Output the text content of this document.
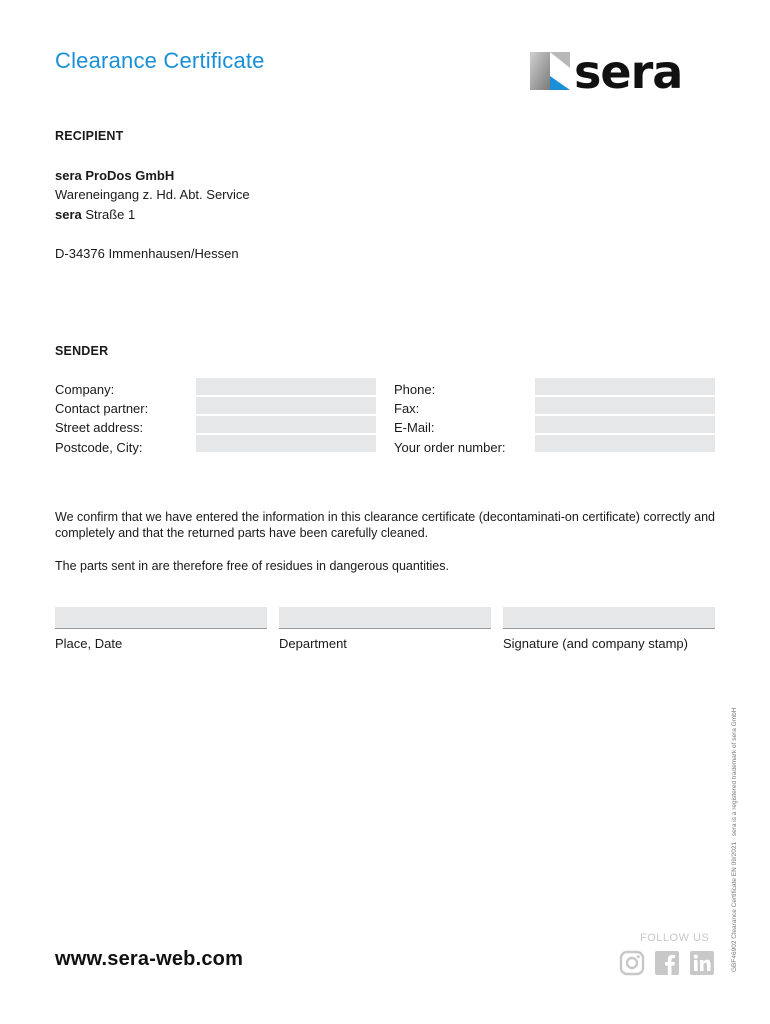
Clearance Certificate	sera
RECIPIENT
sera ProDos GmbH
Wareneingang z. Hd. Abt. Service
sera Straße 1
D-34376 Immenhausen/Hessen
SENDER
Company:
Contact partner:
Street address:
Postcode, City:
Phone:
Fax:
E-Mail:
Your order number:
We confirm that we have entered the information in this clearance certificate (decontaminati-on certificate) correctly and completely and that the returned parts have been carefully cleaned.
The parts sent in are therefore free of residues in dangerous quantities.
Place, Date	Department	Signature (and company stamp)
GBF46902 Clearance Certificate EN 09/2021 · sera is a registered trademark of sera GmbH
www.sera-web.com
FOLLOW US
